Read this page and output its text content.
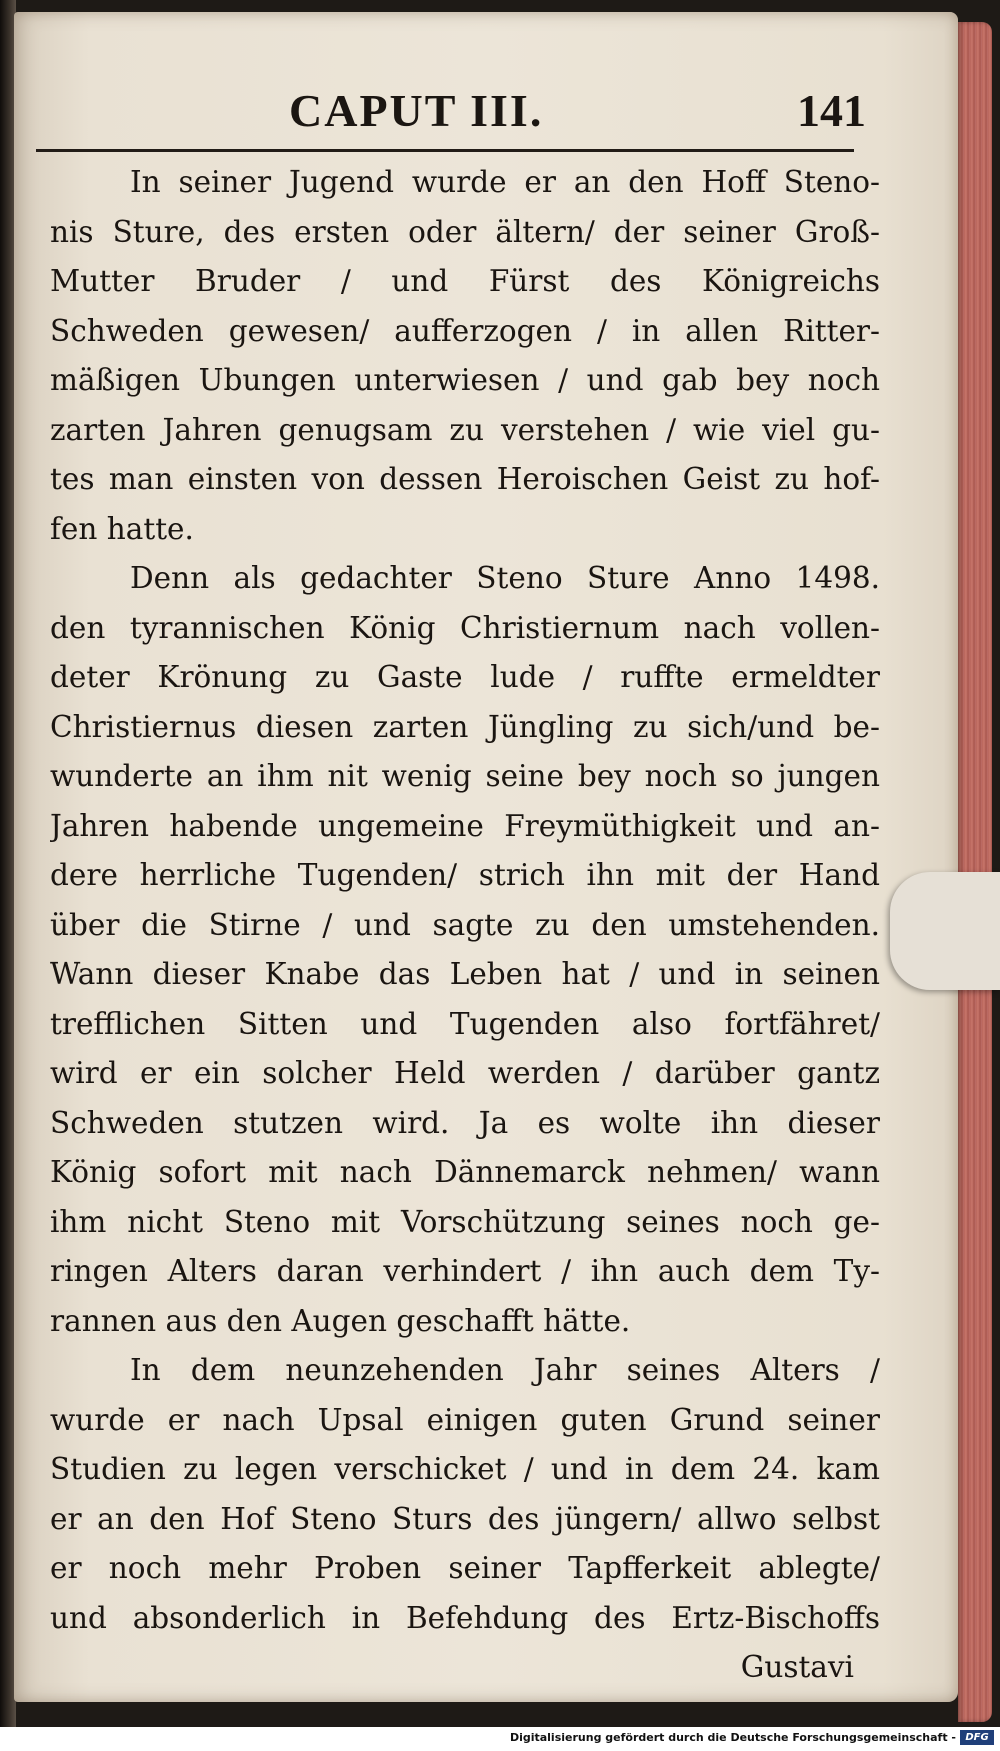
CAPUT III.	141
In seiner Jugend wurde er an den Hoff Steno-
nis Sture, des ersten oder ältern/ der seiner Groß-
Mutter Bruder / und Fürst des Königreichs
Schweden gewesen/ aufferzogen / in allen Ritter-
mäßigen Ubungen unterwiesen / und gab bey noch
zarten Jahren genugsam zu verstehen / wie viel gu-
tes man einsten von dessen Heroischen Geist zu hof-
fen hatte.
Denn als gedachter Steno Sture Anno 1498.
den tyrannischen König Christiernum nach vollen-
deter Krönung zu Gaste lude / ruffte ermeldter
Christiernus diesen zarten Jüngling zu sich/und be-
wunderte an ihm nit wenig seine bey noch so jungen
Jahren habende ungemeine Freymüthigkeit und an-
dere herrliche Tugenden/ strich ihn mit der Hand
über die Stirne / und sagte zu den umstehenden.
Wann dieser Knabe das Leben hat / und in seinen
trefflichen Sitten und Tugenden also fortfähret/
wird er ein solcher Held werden / darüber gantz
Schweden stutzen wird. Ja es wolte ihn dieser
König sofort mit nach Dännemarck nehmen/ wann
ihm nicht Steno mit Vorschützung seines noch ge-
ringen Alters daran verhindert / ihn auch dem Ty-
rannen aus den Augen geschafft hätte.
In dem neunzehenden Jahr seines Alters /
wurde er nach Upsal einigen guten Grund seiner
Studien zu legen verschicket / und in dem 24. kam
er an den Hof Steno Sturs des jüngern/ allwo selbst
er noch mehr Proben seiner Tapfferkeit ablegte/
und absonderlich in Befehdung des Ertz-Bischoffs
Gustavi
Digitalisierung gefördert durch die Deutsche Forschungsgemeinschaft - DFG
